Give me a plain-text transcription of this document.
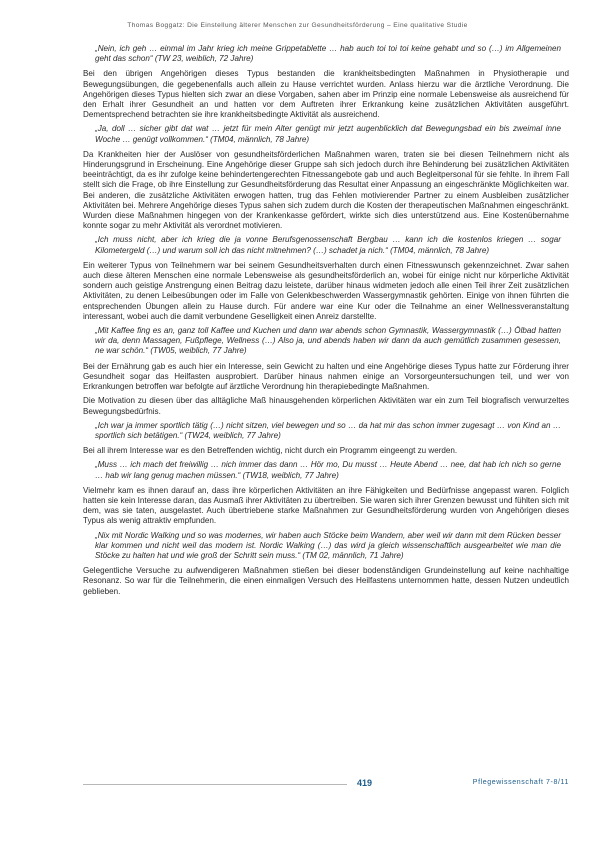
Thomas Boggatz: Die Einstellung älterer Menschen zur Gesundheitsförderung – Eine qualitative Studie

„Nein, ich geh … einmal im Jahr krieg ich meine Grippetablette … hab auch toi toi toi keine gehabt und so (…) im Allgemeinen geht das schon“ (TW 23, weiblich, 72 Jahre)

Bei den übrigen Angehörigen dieses Typus bestanden die krankheitsbedingten Maßnahmen in Physiotherapie und Bewegungsübungen, die gegebenenfalls auch allein zu Hause verrichtet wurden. Anlass hierzu war die ärztliche Verordnung. Die Angehörigen dieses Typus hielten sich zwar an diese Vorgaben, sahen aber im Prinzip eine normale Lebensweise als ausreichend für den Erhalt ihrer Gesundheit an und hatten vor dem Auftreten ihrer Erkrankung keine zusätzlichen Aktivitäten ausgeführt. Dementsprechend betrachten sie ihre krankheitsbedingte Aktivität als ausreichend.

„Ja, doll … sicher gibt dat wat … jetzt für mein Alter genügt mir jetzt augenblicklich dat Bewegungsbad ein bis zweimal inne Woche … genügt vollkommen.“ (TM04, männlich, 78 Jahre)

Da Krankheiten hier der Auslöser von gesundheitsförderlichen Maßnahmen waren, traten sie bei diesen Teilnehmern nicht als Hinderungsgrund in Erscheinung. Eine Angehörige dieser Gruppe sah sich jedoch durch ihre Behinderung bei zusätzlichen Aktivitäten beeinträchtigt, da es ihr zufolge keine behindertengerechten Fitnessangebote gab und auch Begleitpersonal für sie fehlte. In ihrem Fall stellt sich die Frage, ob ihre Einstellung zur Gesundheitsförderung das Resultat einer Anpassung an eingeschränkte Möglichkeiten war. Bei anderen, die zusätzliche Aktivitäten erwogen hatten, trug das Fehlen motivierender Partner zu einem Ausbleiben zusätzlicher Aktivitäten bei. Mehrere Angehörige dieses Typus sahen sich zudem durch die Kosten der therapeutischen Maßnahmen eingeschränkt. Wurden diese Maßnahmen hingegen von der Krankenkasse gefördert, wirkte sich dies unterstützend aus. Eine Kostenübernahme konnte sogar zu mehr Aktivität als verordnet motivieren.

„Ich muss nicht, aber ich krieg die ja vonne Berufsgenossenschaft Bergbau … kann ich die kostenlos kriegen … sogar Kilometergeld (…) und warum soll ich das nicht mitnehmen? (…) schadet ja nich.“ (TM04, männlich, 78 Jahre)

Ein weiterer Typus von Teilnehmern war bei seinem Gesundheitsverhalten durch einen Fitnesswunsch gekennzeichnet. Zwar sahen auch diese älteren Menschen eine normale Lebensweise als gesundheitsförderlich an, wobei für einige nicht nur körperliche Aktivität sondern auch geistige Anstrengung einen Beitrag dazu leistete, darüber hinaus widmeten jedoch alle einen Teil ihrer Zeit zusätzlichen Aktivitäten, zu denen Leibesübungen oder im Falle von Gelenkbeschwerden Wassergymnastik gehörten. Einige von ihnen führten die entsprechenden Übungen allein zu Hause durch. Für andere war eine Kur oder die Teilnahme an einer Wellnessveranstaltung interessant, wobei auch die damit verbundene Geselligkeit einen Anreiz darstellte.

„Mit Kaffee fing es an, ganz toll Kaffee und Kuchen und dann war abends schon Gymnastik, Wassergymnastik (…) Ölbad hatten wir da, denn Massagen, Fußpflege, Wellness (…) Also ja, und abends haben wir dann da auch gemütlich zusammen gesessen, ne war schön.“ (TW05, weiblich, 77 Jahre)

Bei der Ernährung gab es auch hier ein Interesse, sein Gewicht zu halten und eine Angehörige dieses Typus hatte zur Förderung ihrer Gesundheit sogar das Heilfasten ausprobiert. Darüber hinaus nahmen einige an Vorsorgeuntersuchungen teil, und wer von Erkrankungen betroffen war befolgte auf ärztliche Verordnung hin therapiebedingte Maßnahmen.

Die Motivation zu diesen über das alltägliche Maß hinausgehenden körperlichen Aktivitäten war ein zum Teil biografisch verwurzeltes Bewegungsbedürfnis.

„Ich war ja immer sportlich tätig (…) nicht sitzen, viel bewegen und so … da hat mir das schon immer zugesagt … von Kind an … sportlich sich betätigen.“ (TW24, weiblich, 77 Jahre)

Bei all ihrem Interesse war es den Betreffenden wichtig, nicht durch ein Programm eingeengt zu werden.

„Muss … ich mach det freiwillig … nich immer das dann … Hör mo, Du musst … Heute Abend … nee, dat hab ich nich so gerne … hab wir lang genug machen müssen.“ (TW18, weiblich, 77 Jahre)

Vielmehr kam es ihnen darauf an, dass ihre körperlichen Aktivitäten an ihre Fähigkeiten und Bedürfnisse angepasst waren. Folglich hatten sie kein Interesse daran, das Ausmaß ihrer Aktivitäten zu übertreiben. Sie waren sich ihrer Grenzen bewusst und fühlten sich mit dem, was sie taten, ausgelastet. Auch übertriebene starke Maßnahmen zur Gesundheitsförderung wurden von Angehörigen dieses Typus als wenig attraktiv empfunden.

„Nix mit Nordic Walking und so was modernes, wir haben auch Stöcke beim Wandern, aber weil wir dann mit dem Rücken besser klar kommen und nicht weil das modern ist. Nordic Walking (…) das wird ja gleich wissenschaftlich ausgearbeitet wie man die Stöcke zu halten hat und wie groß der Schritt sein muss.“ (TM 02, männlich, 71 Jahre)

Gelegentliche Versuche zu aufwendigeren Maßnahmen stießen bei dieser bodenständigen Grundeinstellung auf keine nachhaltige Resonanz. So war für die Teilnehmerin, die einen einmaligen Versuch des Heilfastens unternommen hatte, dessen Nutzen undeutlich geblieben.

419	Pflegewissenschaft 7-8/11
